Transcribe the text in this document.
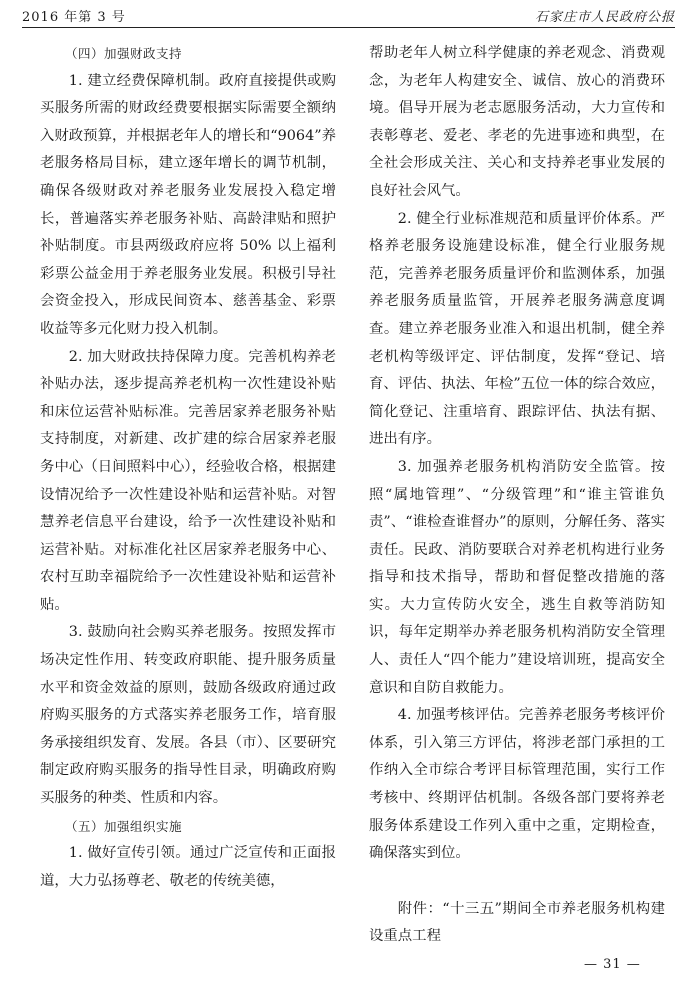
2016 年第 3 号	石家庄市人民政府公报

（四）加强财政支持

1. 建立经费保障机制。政府直接提供或购买服务所需的财政经费要根据实际需要全额纳入财政预算，并根据老年人的增长和“9064”养老服务格局目标，建立逐年增长的调节机制，确保各级财政对养老服务业发展投入稳定增长，普遍落实养老服务补贴、高龄津贴和照护补贴制度。市县两级政府应将 50% 以上福利彩票公益金用于养老服务业发展。积极引导社会资金投入，形成民间资本、慈善基金、彩票收益等多元化财力投入机制。

2. 加大财政扶持保障力度。完善机构养老补贴办法，逐步提高养老机构一次性建设补贴和床位运营补贴标准。完善居家养老服务补贴支持制度，对新建、改扩建的综合居家养老服务中心（日间照料中心），经验收合格，根据建设情况给予一次性建设补贴和运营补贴。对智慧养老信息平台建设，给予一次性建设补贴和运营补贴。对标准化社区居家养老服务中心、农村互助幸福院给予一次性建设补贴和运营补贴。

3. 鼓励向社会购买养老服务。按照发挥市场决定性作用、转变政府职能、提升服务质量水平和资金效益的原则，鼓励各级政府通过政府购买服务的方式落实养老服务工作，培育服务承接组织发育、发展。各县（市）、区要研究制定政府购买服务的指导性目录，明确政府购买服务的种类、性质和内容。

（五）加强组织实施

1. 做好宣传引领。通过广泛宣传和正面报道，大力弘扬尊老、敬老的传统美德，

帮助老年人树立科学健康的养老观念、消费观念，为老年人构建安全、诚信、放心的消费环境。倡导开展为老志愿服务活动，大力宣传和表彰尊老、爱老、孝老的先进事迹和典型，在全社会形成关注、关心和支持养老事业发展的良好社会风气。

2. 健全行业标准规范和质量评价体系。严格养老服务设施建设标准，健全行业服务规范，完善养老服务质量评价和监测体系，加强养老服务质量监管，开展养老服务满意度调查。建立养老服务业准入和退出机制，健全养老机构等级评定、评估制度，发挥“登记、培育、评估、执法、年检”五位一体的综合效应，简化登记、注重培育、跟踪评估、执法有据、进出有序。

3. 加强养老服务机构消防安全监管。按照“属地管理”、“分级管理”和“谁主管谁负责”、“谁检查谁督办”的原则，分解任务、落实责任。民政、消防要联合对养老机构进行业务指导和技术指导，帮助和督促整改措施的落实。大力宣传防火安全，逃生自救等消防知识，每年定期举办养老服务机构消防安全管理人、责任人“四个能力”建设培训班，提高安全意识和自防自救能力。

4. 加强考核评估。完善养老服务考核评价体系，引入第三方评估，将涉老部门承担的工作纳入全市综合考评目标管理范围，实行工作考核中、终期评估机制。各级各部门要将养老服务体系建设工作列入重中之重，定期检查，确保落实到位。

附件：“十三五”期间全市养老服务机构建设重点工程

— 31 —
